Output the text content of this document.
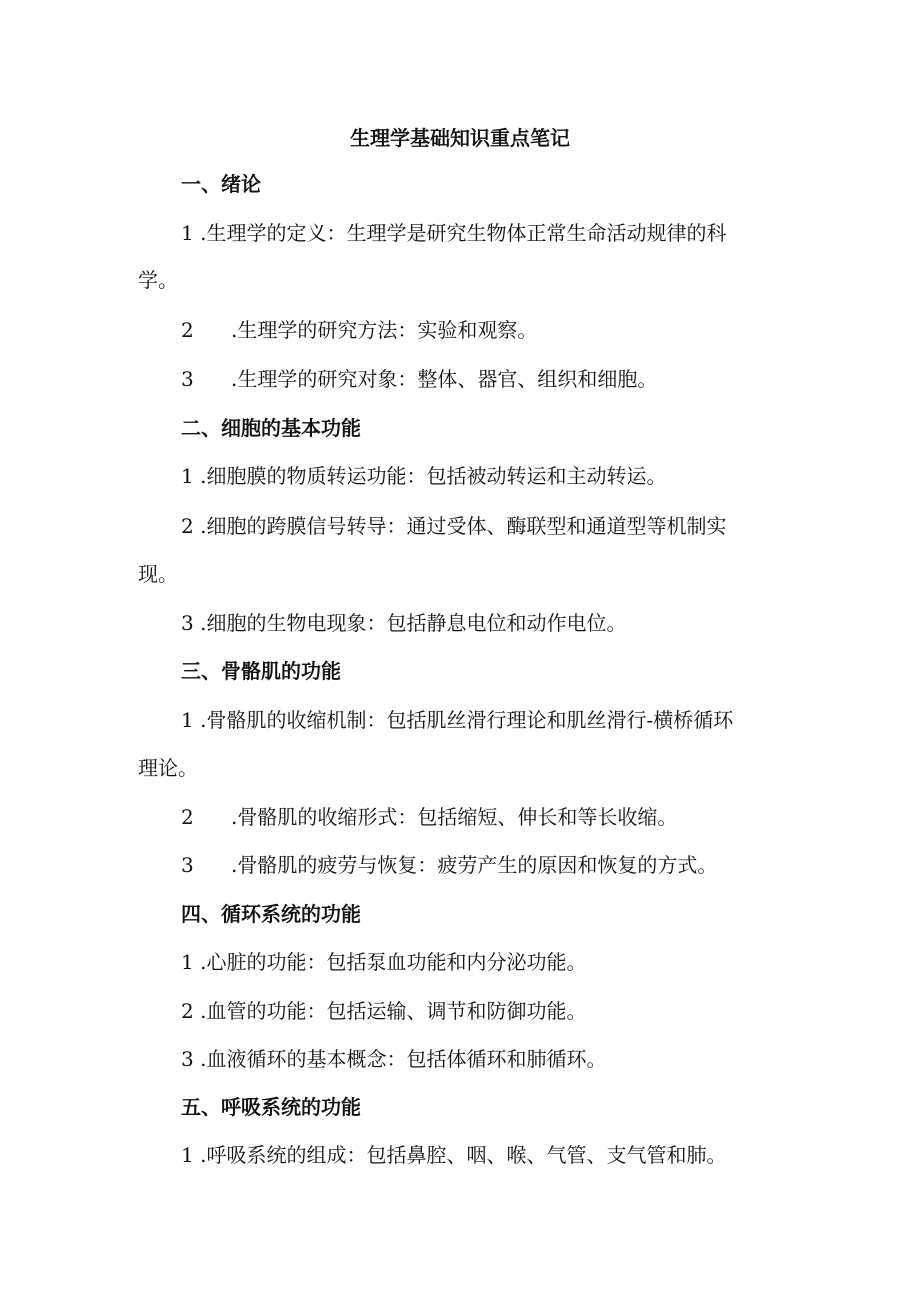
生理学基础知识重点笔记
一、绪论

1 .生理学的定义：生理学是研究生物体正常生命活动规律的科

学。

2 .生理学的研究方法：实验和观察。

3 .生理学的研究对象：整体、器官、组织和细胞。

二、细胞的基本功能

1 .细胞膜的物质转运功能：包括被动转运和主动转运。

2 .细胞的跨膜信号转导：通过受体、酶联型和通道型等机制实

现。

3 .细胞的生物电现象：包括静息电位和动作电位。

三、骨骼肌的功能

1 .骨骼肌的收缩机制：包括肌丝滑行理论和肌丝滑行-横桥循环

理论。

2 .骨骼肌的收缩形式：包括缩短、伸长和等长收缩。

3 .骨骼肌的疲劳与恢复：疲劳产生的原因和恢复的方式。

四、循环系统的功能

1 .心脏的功能：包括泵血功能和内分泌功能。

2 .血管的功能：包括运输、调节和防御功能。

3 .血液循环的基本概念：包括体循环和肺循环。

五、呼吸系统的功能

1 .呼吸系统的组成：包括鼻腔、咽、喉、气管、支气管和肺。
